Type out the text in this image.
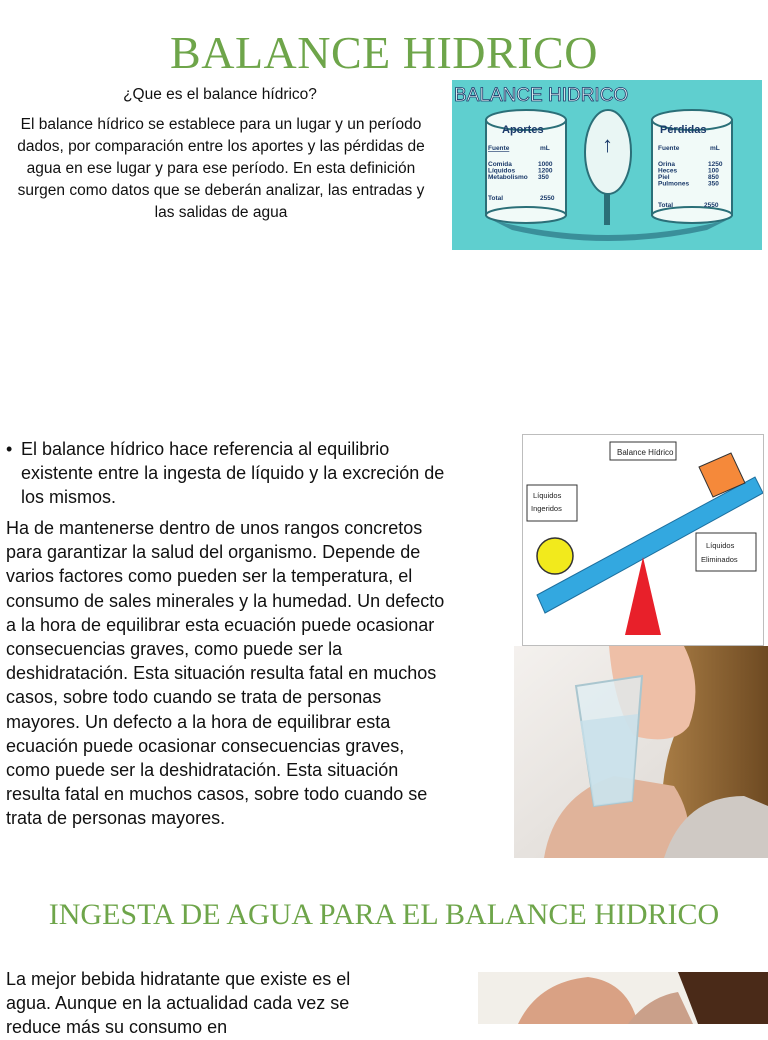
BALANCE HIDRICO

¿Que es el balance hídrico?

El balance hídrico se establece para un lugar y un período dados, por comparación entre los aportes y las pérdidas de agua en ese lugar y para ese período. En esta definición surgen como datos que se deberán analizar, las entradas y las salidas de agua

BALANCE HIDRICO
↑
Aportes
Fuente	mL
Comida	1000
Líquidos	1200
Metabolismo 350
Total	2550
Pérdidas
Fuente	mL
Orina	1250
Heces	100
Piel	850
Pulmones	350
Total	2550
• El balance hídrico hace referencia al equilibrio existente entre la ingesta de líquido y la excreción de los mismos.

Ha de mantenerse dentro de unos rangos concretos para garantizar la salud del organismo. Depende de varios factores como pueden ser la temperatura, el consumo de sales minerales y la humedad. Un defecto a la hora de equilibrar esta ecuación puede ocasionar consecuencias graves, como puede ser la deshidratación. Esta situación resulta fatal en muchos casos, sobre todo cuando se trata de personas mayores. Un defecto a la hora de equilibrar esta ecuación puede ocasionar consecuencias graves, como puede ser la deshidratación. Esta situación resulta fatal en muchos casos, sobre todo cuando se trata de personas mayores.

Balance Hídrico
Líquidos
Ingeridos
Líquidos
Eliminados
INGESTA DE AGUA PARA EL BALANCE HIDRICO

La mejor bebida hidratante que existe es el agua. Aunque en la actualidad cada vez se reduce más su consumo en
